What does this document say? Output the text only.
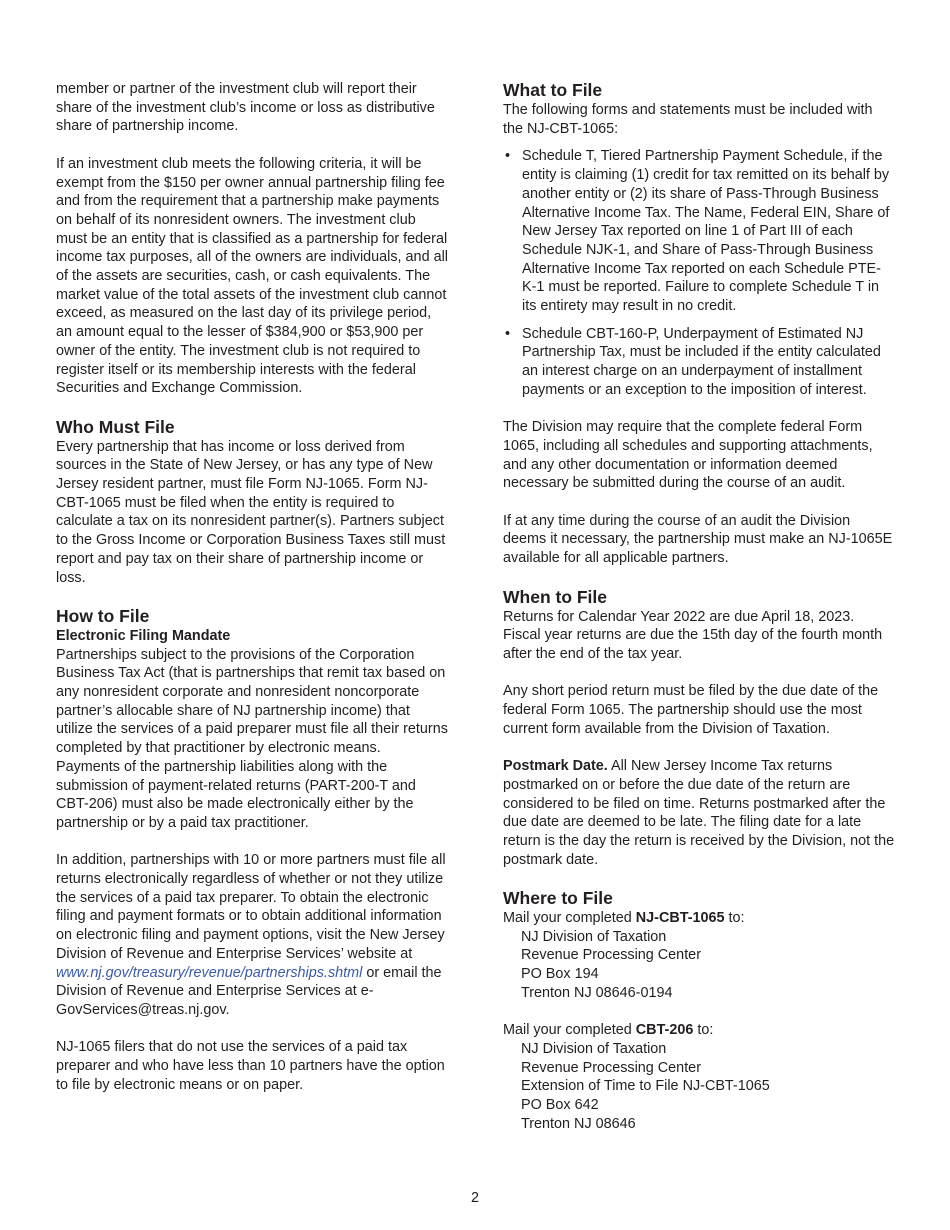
member or partner of the investment club will report their share of the investment club’s income or loss as distributive share of partnership income.

If an investment club meets the following criteria, it will be exempt from the $150 per owner annual partnership filing fee and from the requirement that a partnership make payments on behalf of its nonresident owners. The investment club must be an entity that is classified as a partnership for federal income tax purposes, all of the owners are individuals, and all of the assets are securities, cash, or cash equivalents. The market value of the total assets of the investment club cannot exceed, as measured on the last day of its privilege period, an amount equal to the lesser of $384,900 or $53,900 per owner of the entity. The investment club is not required to register itself or its membership interests with the federal Securities and Exchange Commission.

Who Must File

Every partnership that has income or loss derived from sources in the State of New Jersey, or has any type of New Jersey resident partner, must file Form NJ-1065. Form NJ-CBT-1065 must be filed when the entity is required to calculate a tax on its nonresident partner(s). Partners subject to the Gross Income or Corporation Business Taxes still must report and pay tax on their share of partnership income or loss.

How to File
Electronic Filing Mandate

Partnerships subject to the provisions of the Corporation Business Tax Act (that is partnerships that remit tax based on any nonresident corporate and nonresident noncorporate partner’s allocable share of NJ partnership income) that utilize the services of a paid preparer must file all their returns completed by that practitioner by electronic means. Payments of the partnership liabilities along with the submission of payment-related returns (PART-200-T and CBT-206) must also be made electronically either by the partnership or by a paid tax practitioner.

In addition, partnerships with 10 or more partners must file all returns electronically regardless of whether or not they utilize the services of a paid tax preparer. To obtain the electronic filing and payment formats or to obtain additional information on electronic filing and payment options, visit the New Jersey Division of Revenue and Enterprise Services’ website at www.nj.gov/treasury/revenue/partnerships.shtml or email the Division of Revenue and Enterprise Services at e-GovServices@treas.nj.gov.

NJ-1065 filers that do not use the services of a paid tax preparer and who have less than 10 partners have the option to file by electronic means or on paper.

What to File

The following forms and statements must be included with the NJ-CBT-1065:

• Schedule T, Tiered Partnership Payment Schedule, if the entity is claiming (1) credit for tax remitted on its behalf by another entity or (2) its share of Pass-Through Business Alternative Income Tax. The Name, Federal EIN, Share of New Jersey Tax reported on line 1 of Part III of each Schedule NJK-1, and Share of Pass-Through Business Alternative Income Tax reported on each Schedule PTE-K-1 must be reported. Failure to complete Schedule T in its entirety may result in no credit.
• Schedule CBT-160-P, Underpayment of Estimated NJ Partnership Tax, must be included if the entity calculated an interest charge on an underpayment of installment payments or an exception to the imposition of interest.

The Division may require that the complete federal Form 1065, including all schedules and supporting attachments, and any other documentation or information deemed necessary be submitted during the course of an audit.

If at any time during the course of an audit the Division deems it necessary, the partnership must make an NJ-1065E available for all applicable partners.

When to File

Returns for Calendar Year 2022 are due April 18, 2023. Fiscal year returns are due the 15th day of the fourth month after the end of the tax year.

Any short period return must be filed by the due date of the federal Form 1065. The partnership should use the most current form available from the Division of Taxation.

Postmark Date. All New Jersey Income Tax returns postmarked on or before the due date of the return are considered to be filed on time. Returns postmarked after the due date are deemed to be late. The filing date for a late return is the day the return is received by the Division, not the postmark date.

Where to File
Mail your completed NJ-CBT-1065 to:
NJ Division of Taxation
Revenue Processing Center
PO Box 194
Trenton NJ 08646-0194
Mail your completed CBT-206 to:
NJ Division of Taxation
Revenue Processing Center
Extension of Time to File NJ-CBT-1065
PO Box 642
Trenton NJ 08646
2
